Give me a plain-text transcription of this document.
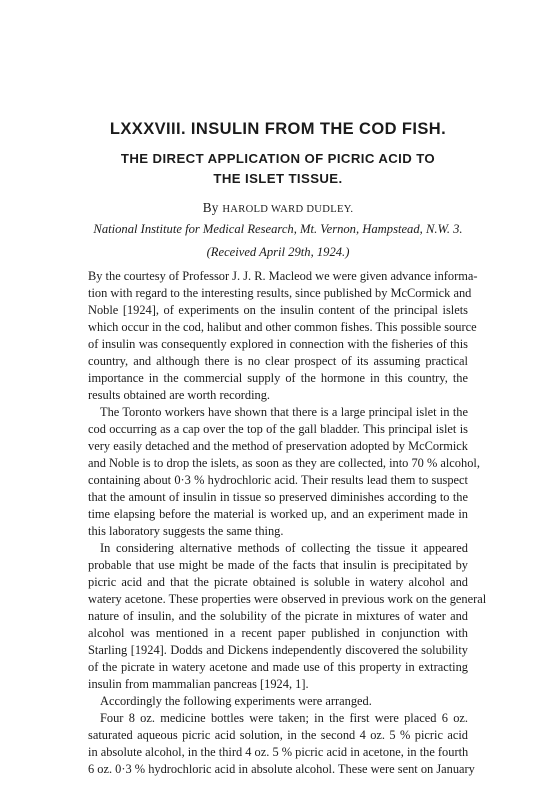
LXXXVIII. INSULIN FROM THE COD FISH.
THE DIRECT APPLICATION OF PICRIC ACID TO
THE ISLET TISSUE.
By HAROLD WARD DUDLEY.
National Institute for Medical Research, Mt. Vernon, Hampstead, N.W. 3.
(Received April 29th, 1924.)
By the courtesy of Professor J. J. R. Macleod we were given advance informa-
tion with regard to the interesting results, since published by McCormick and
Noble [1924], of experiments on the insulin content of the principal islets
which occur in the cod, halibut and other common fishes. This possible source
of insulin was consequently explored in connection with the fisheries of this
country, and although there is no clear prospect of its assuming practical
importance in the commercial supply of the hormone in this country, the
results obtained are worth recording.
The Toronto workers have shown that there is a large principal islet in the
cod occurring as a cap over the top of the gall bladder. This principal islet is
very easily detached and the method of preservation adopted by McCormick
and Noble is to drop the islets, as soon as they are collected, into 70 % alcohol,
containing about 0·3 % hydrochloric acid. Their results lead them to suspect
that the amount of insulin in tissue so preserved diminishes according to the
time elapsing before the material is worked up, and an experiment made in
this laboratory suggests the same thing.
In considering alternative methods of collecting the tissue it appeared
probable that use might be made of the facts that insulin is precipitated by
picric acid and that the picrate obtained is soluble in watery alcohol and
watery acetone. These properties were observed in previous work on the general
nature of insulin, and the solubility of the picrate in mixtures of water and
alcohol was mentioned in a recent paper published in conjunction with
Starling [1924]. Dodds and Dickens independently discovered the solubility
of the picrate in watery acetone and made use of this property in extracting
insulin from mammalian pancreas [1924, 1].
Accordingly the following experiments were arranged.
Four 8 oz. medicine bottles were taken; in the first were placed 6 oz.
saturated aqueous picric acid solution, in the second 4 oz. 5 % picric acid
in absolute alcohol, in the third 4 oz. 5 % picric acid in acetone, in the fourth
6 oz. 0·3 % hydrochloric acid in absolute alcohol. These were sent on January
